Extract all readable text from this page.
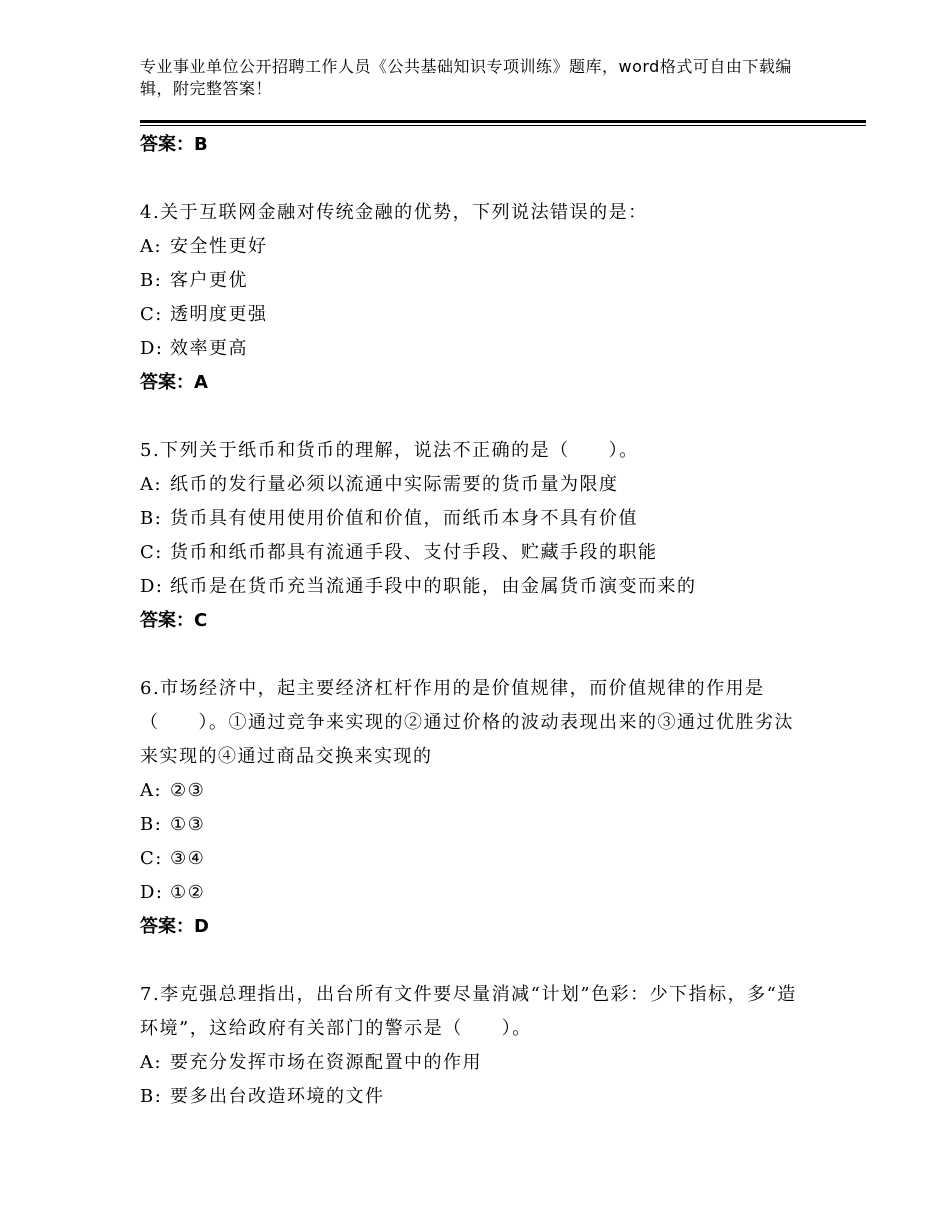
专业事业单位公开招聘工作人员《公共基础知识专项训练》题库，word格式可自由下载编辑，附完整答案！
答案：B
4.关于互联网金融对传统金融的优势，下列说法错误的是：
A: 安全性更好
B: 客户更优
C: 透明度更强
D: 效率更高
答案：A
5.下列关于纸币和货币的理解，说法不正确的是（　　）。
A: 纸币的发行量必须以流通中实际需要的货币量为限度
B: 货币具有使用使用价值和价值，而纸币本身不具有价值
C: 货币和纸币都具有流通手段、支付手段、贮藏手段的职能
D: 纸币是在货币充当流通手段中的职能，由金属货币演变而来的
答案：C
6.市场经济中，起主要经济杠杆作用的是价值规律，而价值规律的作用是（　　）。①通过竞争来实现的②通过价格的波动表现出来的③通过优胜劣汰来实现的④通过商品交换来实现的
A: ②③
B: ①③
C: ③④
D: ①②
答案：D
7.李克强总理指出，出台所有文件要尽量消减“计划”色彩：少下指标，多“造环境”，这给政府有关部门的警示是（　　）。
A: 要充分发挥市场在资源配置中的作用
B: 要多出台改造环境的文件
